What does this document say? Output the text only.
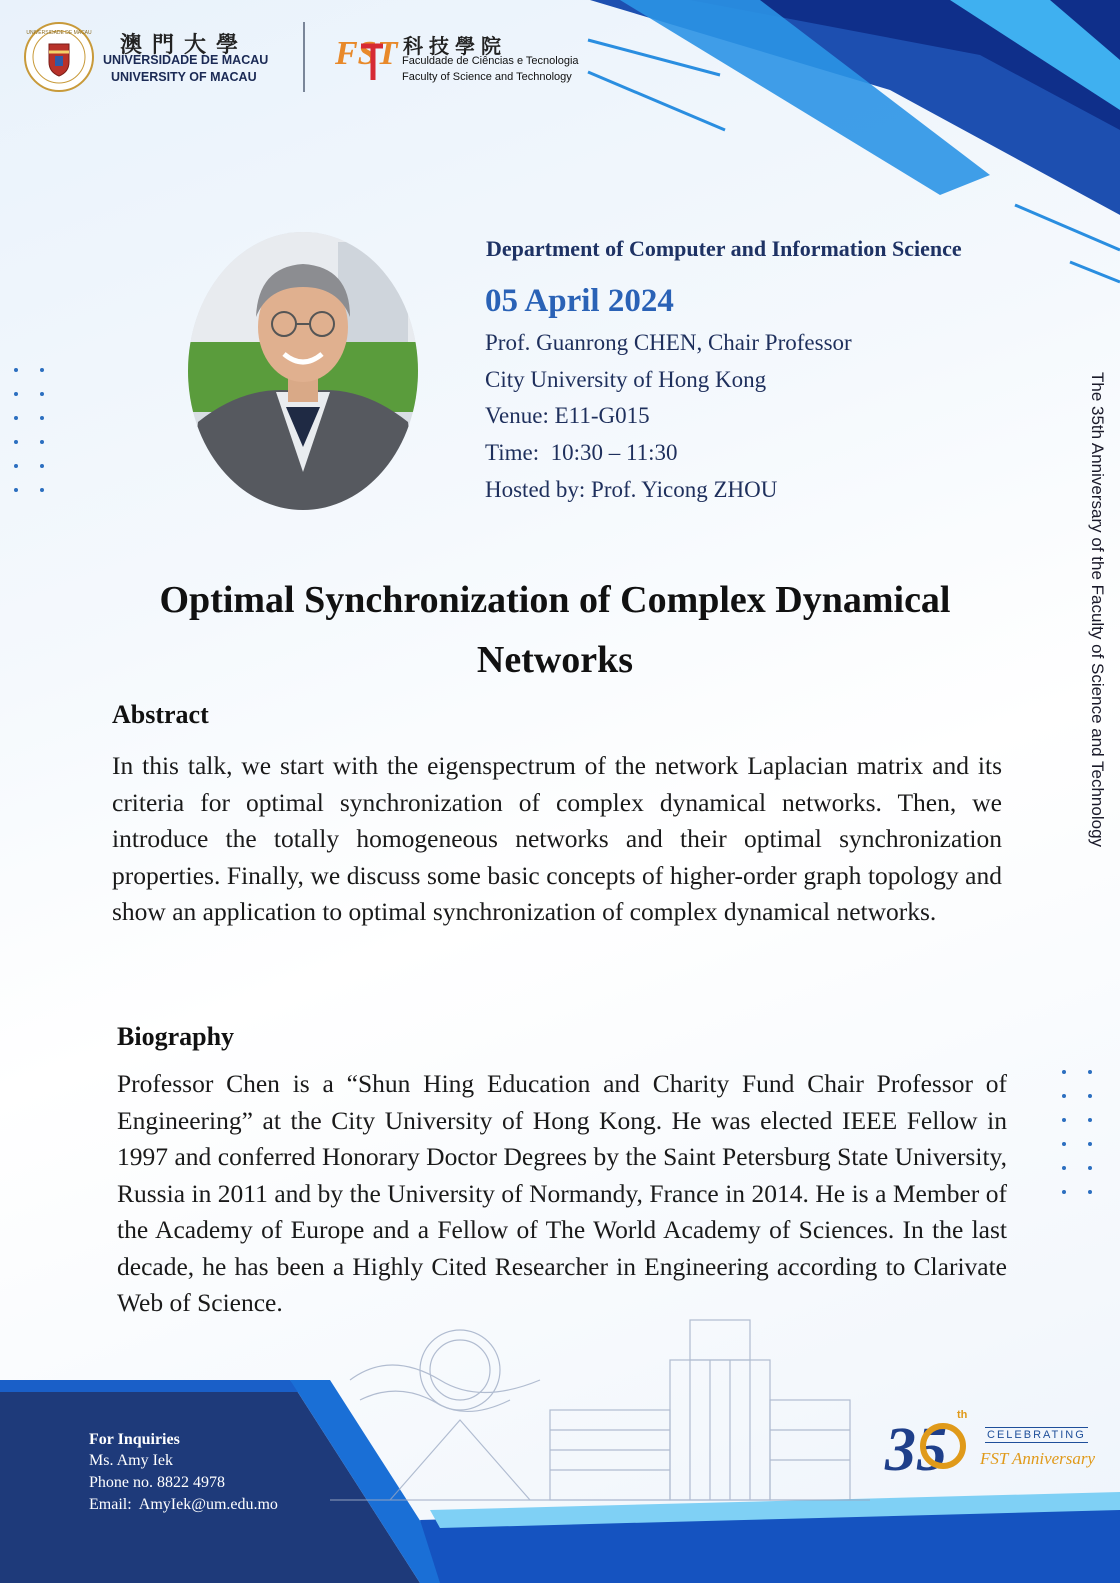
UNIVERSIDADE DE MACAU 澳門大學
UNIVERSIDADE DE MACAU
UNIVERSITY OF MACAU
FST 科技學院
Faculdade de Ciências e Tecnologia
Faculty of Science and Technology
Department of Computer and Information Science
05 April 2024
Prof. Guanrong CHEN, Chair Professor
City University of Hong Kong
Venue: E11-G015
Time:  10:30 – 11:30
Hosted by: Prof. Yicong ZHOU	The 35th Anniversary of the Faculty of Science and Technology
Optimal Synchronization of Complex Dynamical Networks
Abstract
In this talk, we start with the eigenspectrum of the network Laplacian matrix and its criteria for optimal synchronization of complex dynamical networks. Then, we introduce the totally homogeneous networks and their optimal synchronization properties. Finally, we discuss some basic concepts of higher-order graph topology and show an application to optimal synchronization of complex dynamical networks.
Biography
Professor Chen is a “Shun Hing Education and Charity Fund Chair Professor of Engineering” at the City University of Hong Kong. He was elected IEEE Fellow in 1997 and conferred Honorary Doctor Degrees by the Saint Petersburg State University, Russia in 2011 and by the University of Normandy, France in 2014. He is a Member of the Academy of Europe and a Fellow of The World Academy of Sciences. In the last decade, he has been a Highly Cited Researcher in Engineering according to Clarivate Web of Science.
For Inquiries
Ms. Amy Iek
Phone no. 8822 4978
Email:  AmyIek@um.edu.mo
35
th
CELEBRATING
FST Anniversary
